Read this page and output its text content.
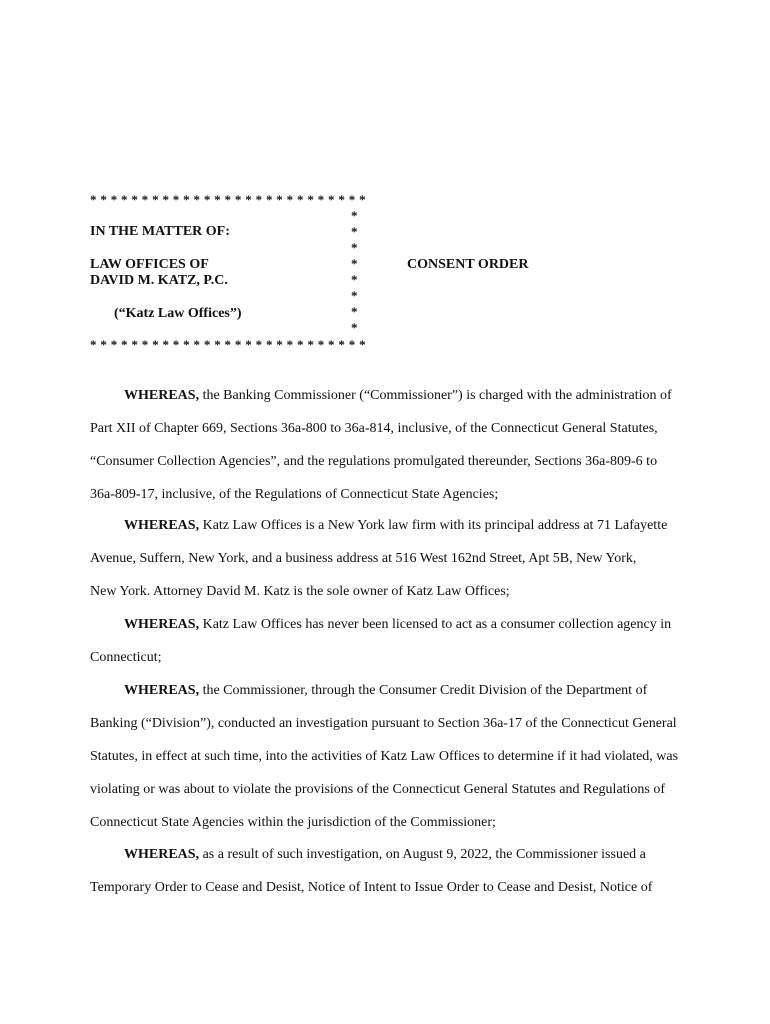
* * * * * * * * * * * * * * * * * * * * * * * * * * *
*
*
*
*
*
*
*
*
IN THE MATTER OF:
LAW OFFICES OF
DAVID M. KATZ, P.C.
(“Katz Law Offices”)
* * * * * * * * * * * * * * * * * * * * * * * * * * *
CONSENT ORDER
WHEREAS, the Banking Commissioner (“Commissioner”) is charged with the administration of
Part XII of Chapter 669, Sections 36a-800 to 36a-814, inclusive, of the Connecticut General Statutes,
“Consumer Collection Agencies”, and the regulations promulgated thereunder, Sections 36a-809-6 to
36a-809-17, inclusive, of the Regulations of Connecticut State Agencies;
WHEREAS, Katz Law Offices is a New York law firm with its principal address at 71 Lafayette
Avenue, Suffern, New York, and a business address at 516 West 162nd Street, Apt 5B, New York,
New York. Attorney David M. Katz is the sole owner of Katz Law Offices;
WHEREAS, Katz Law Offices has never been licensed to act as a consumer collection agency in
Connecticut;
WHEREAS, the Commissioner, through the Consumer Credit Division of the Department of
Banking (“Division”), conducted an investigation pursuant to Section 36a-17 of the Connecticut General
Statutes, in effect at such time, into the activities of Katz Law Offices to determine if it had violated, was
violating or was about to violate the provisions of the Connecticut General Statutes and Regulations of
Connecticut State Agencies within the jurisdiction of the Commissioner;
WHEREAS, as a result of such investigation, on August 9, 2022, the Commissioner issued a
Temporary Order to Cease and Desist, Notice of Intent to Issue Order to Cease and Desist, Notice of
